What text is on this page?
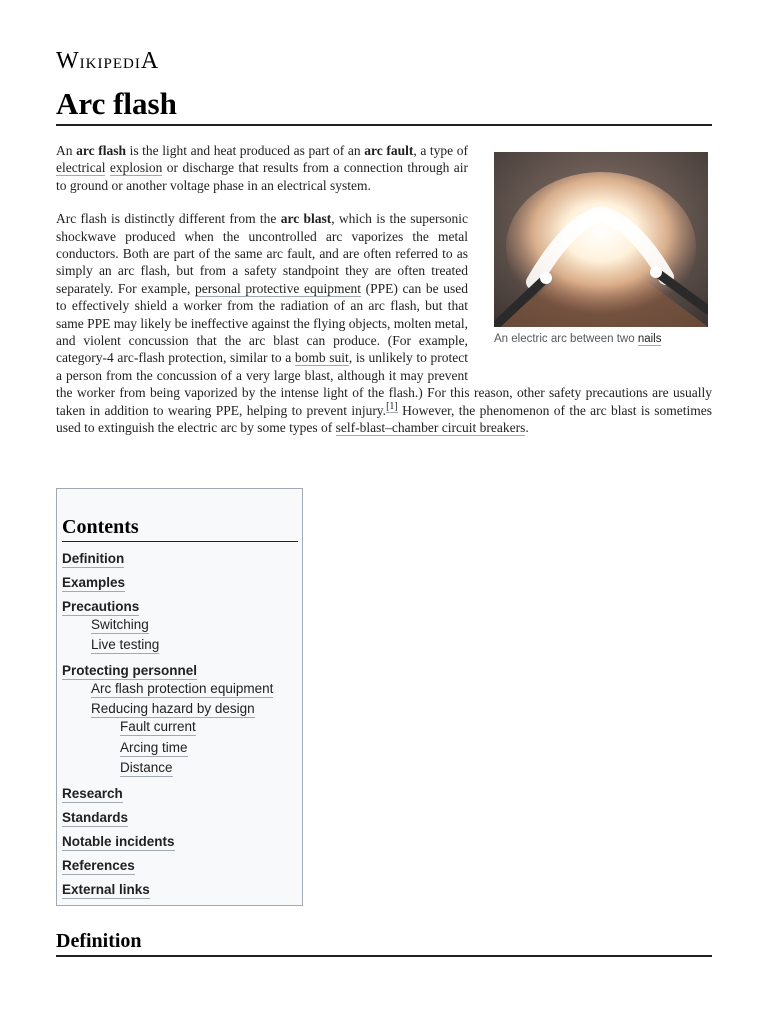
WikipediA
Arc flash
An electric arc between two nails

An arc flash is the light and heat produced as part of an arc fault, a type of electrical explosion or discharge that results from a connection through air to ground or another voltage phase in an electrical system.

Arc flash is distinctly different from the arc blast, which is the supersonic shockwave produced when the uncontrolled arc vaporizes the metal conductors. Both are part of the same arc fault, and are often referred to as simply an arc flash, but from a safety standpoint they are often treated separately. For example, personal protective equipment (PPE) can be used to effectively shield a worker from the radiation of an arc flash, but that same PPE may likely be ineffective against the flying objects, molten metal, and violent concussion that the arc blast can produce. (For example, category-4 arc-flash protection, similar to a bomb suit, is unlikely to protect a person from the concussion of a very large blast, although it may prevent the worker from being vaporized by the intense light of the flash.) For this reason, other safety precautions are usually taken in addition to wearing PPE, helping to prevent injury.[1] However, the phenomenon of the arc blast is sometimes used to extinguish the electric arc by some types of self-blast–chamber circuit breakers.

Contents
Definition
Examples
Precautions
Switching
Live testing
Protecting personnel
Arc flash protection equipment
Reducing hazard by design
Fault current
Arcing time
Distance
Research
Standards
Notable incidents
References
External links
Definition
